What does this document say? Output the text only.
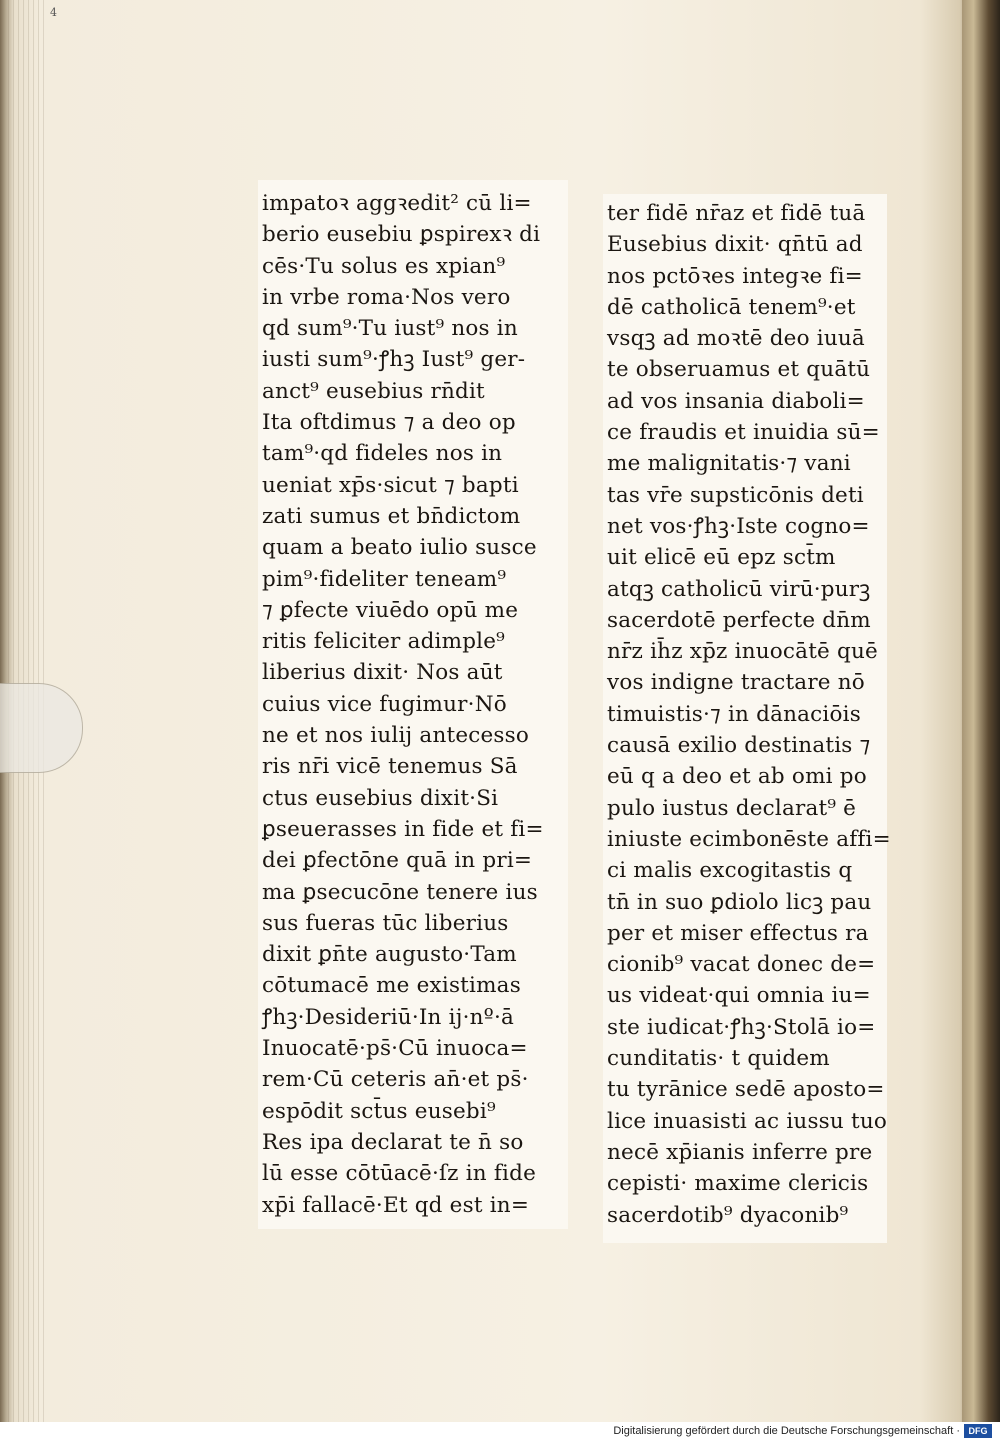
4
impatoꝛ aggꝛedit² cū li=
berio eusebiu ꝑspirexꝛ di
cēs·Tu solus es xpian⁹
in vrbe roma·Nos vero
qd sum⁹·Tu iust⁹ nos in
iusti sum⁹·ꝭhꝫ Iust⁹ ger-
anct⁹ eusebius rn̄dit
Ita oftdimus ⁊ a deo op
tam⁹·qd fideles nos in
ueniat xp̄s·sicut ⁊ bapti
zati sumus et bn̄dictom
quam a beato iulio susce
pim⁹·fideliter teneam⁹
⁊ ꝑfecte viuēdo opū me
ritis feliciter adimple⁹
liberius dixit· Nos aūt
cuius vice fugimur·Nō
ne et nos iulij antecesso
ris nr̄i vicē tenemus Sā
ctus eusebius dixit·Si
ꝑseuerasses in fide et fi=
dei ꝑfectōne quā in pri=
ma ꝑsecucōne tenere ius
sus fueras tūc liberius
dixit ꝑn̄te augusto·Tam
cōtumacē me existimas
ꝭhꝫ·Desideriū·In ij·nº·ā
Inuocatē·ps̄·Cū inuoca=
rem·Cū ceteris an̄·et ps̄·
espōdit sct̄us eusebi⁹
Res ipa declarat te n̄ so
lū esse cōtūacē·ſz in fide
xp̄i fallacē·Et qd est in=
ter fidē nr̄az et fidē tuā
Eusebius dixit· qn̄tū ad
nos pctōꝛes integꝛe fi=
dē catholicā tenem⁹·et
vsqꝫ ad moꝛtē deo iuuā
te obseruamus et quātū
ad vos insania diaboli=
ce fraudis et inuidia sū=
me malignitatis·⁊ vani
tas vr̄e supsticōnis deti
net vos·ꝭhꝫ·Iste cogno=
uit elicē eū epz sct̄m
atqꝫ catholicū virū·purꝫ
sacerdotē perfecte dn̄m
nr̄z ih̄z xp̄z inuocātē quē
vos indigne tractare nō
timuistis·⁊ in dānaciōis
causā exilio destinatis ⁊
eū q a deo et ab omi po
pulo iustus declarat⁹ ē
iniuste ecimbonēste affi=
ci malis excogitastis q
tn̄ in suo ꝑdiolo licꝫ pau
per et miser effectus ra
cionib⁹ vacat donec de=
us videat·qui omnia iu=
ste iudicat·ꝭhꝫ·Stolā io=
cunditatis· t quidem
tu tyrānice sedē aposto=
lice inuasisti ac iussu tuo
necē xp̄ianis inferre pre
cepisti· maxime clericis
sacerdotib⁹ dyaconib⁹
Digitalisierung gefördert durch die Deutsche Forschungsgemeinschaft · DFG
